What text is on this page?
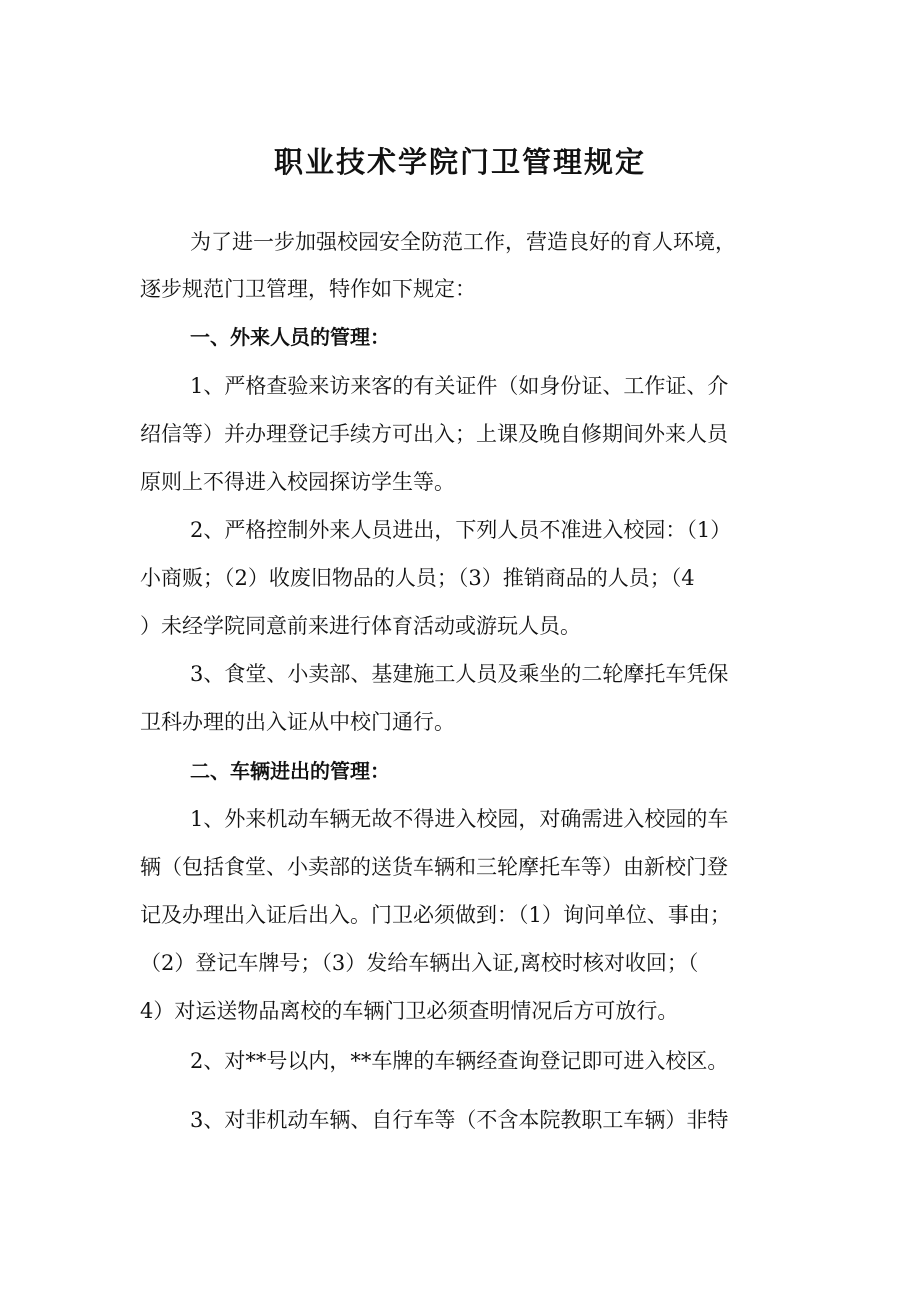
职业技术学院门卫管理规定
为了进一步加强校园安全防范工作，营造良好的育人环境，
逐步规范门卫管理，特作如下规定：
一、外来人员的管理：
1、严格查验来访来客的有关证件（如身份证、工作证、介
绍信等）并办理登记手续方可出入；上课及晚自修期间外来人员
原则上不得进入校园探访学生等。
2、严格控制外来人员进出，下列人员不准进入校园：（1）
小商贩；（2）收废旧物品的人员；（3）推销商品的人员；（4
）未经学院同意前来进行体育活动或游玩人员。
3、食堂、小卖部、基建施工人员及乘坐的二轮摩托车凭保
卫科办理的出入证从中校门通行。
二、车辆进出的管理：
1、外来机动车辆无故不得进入校园，对确需进入校园的车
辆（包括食堂、小卖部的送货车辆和三轮摩托车等）由新校门登
记及办理出入证后出入。门卫必须做到：（1）询问单位、事由；
（2）登记车牌号；（3）发给车辆出入证,离校时核对收回；（
4）对运送物品离校的车辆门卫必须查明情况后方可放行。
2、对**号以内，**车牌的车辆经查询登记即可进入校区。
3、对非机动车辆、自行车等（不含本院教职工车辆）非特
